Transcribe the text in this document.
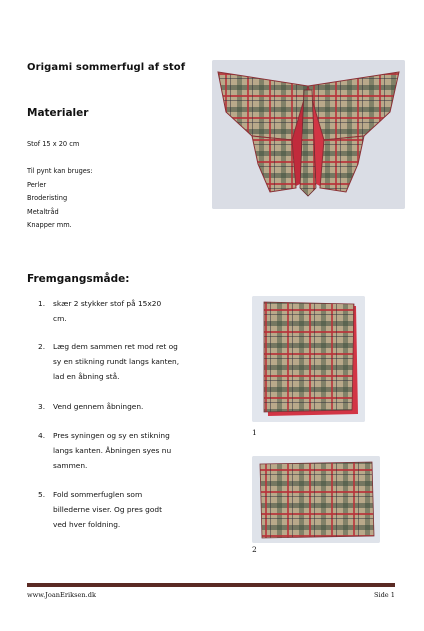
Origami sommerfugl af stof
Materialer
Stof 15 x 20 cm
Til pynt kan bruges:
Perler
Broderisting
Metaltråd
Knapper mm.
Fremgangsmåde:
1. skær 2 stykker stof på 15x20
cm.
2. Læg dem sammen ret mod ret og
sy en stikning rundt langs kanten,
lad en åbning stå.
3. Vend gennem åbningen.
4. Pres syningen og sy en stikning
langs kanten. Åbningen syes nu
sammen.
5. Fold sommerfuglen som
billederne viser. Og pres godt
ved hver foldning.
1
2
www.JoanEriksen.dk	Side 1
